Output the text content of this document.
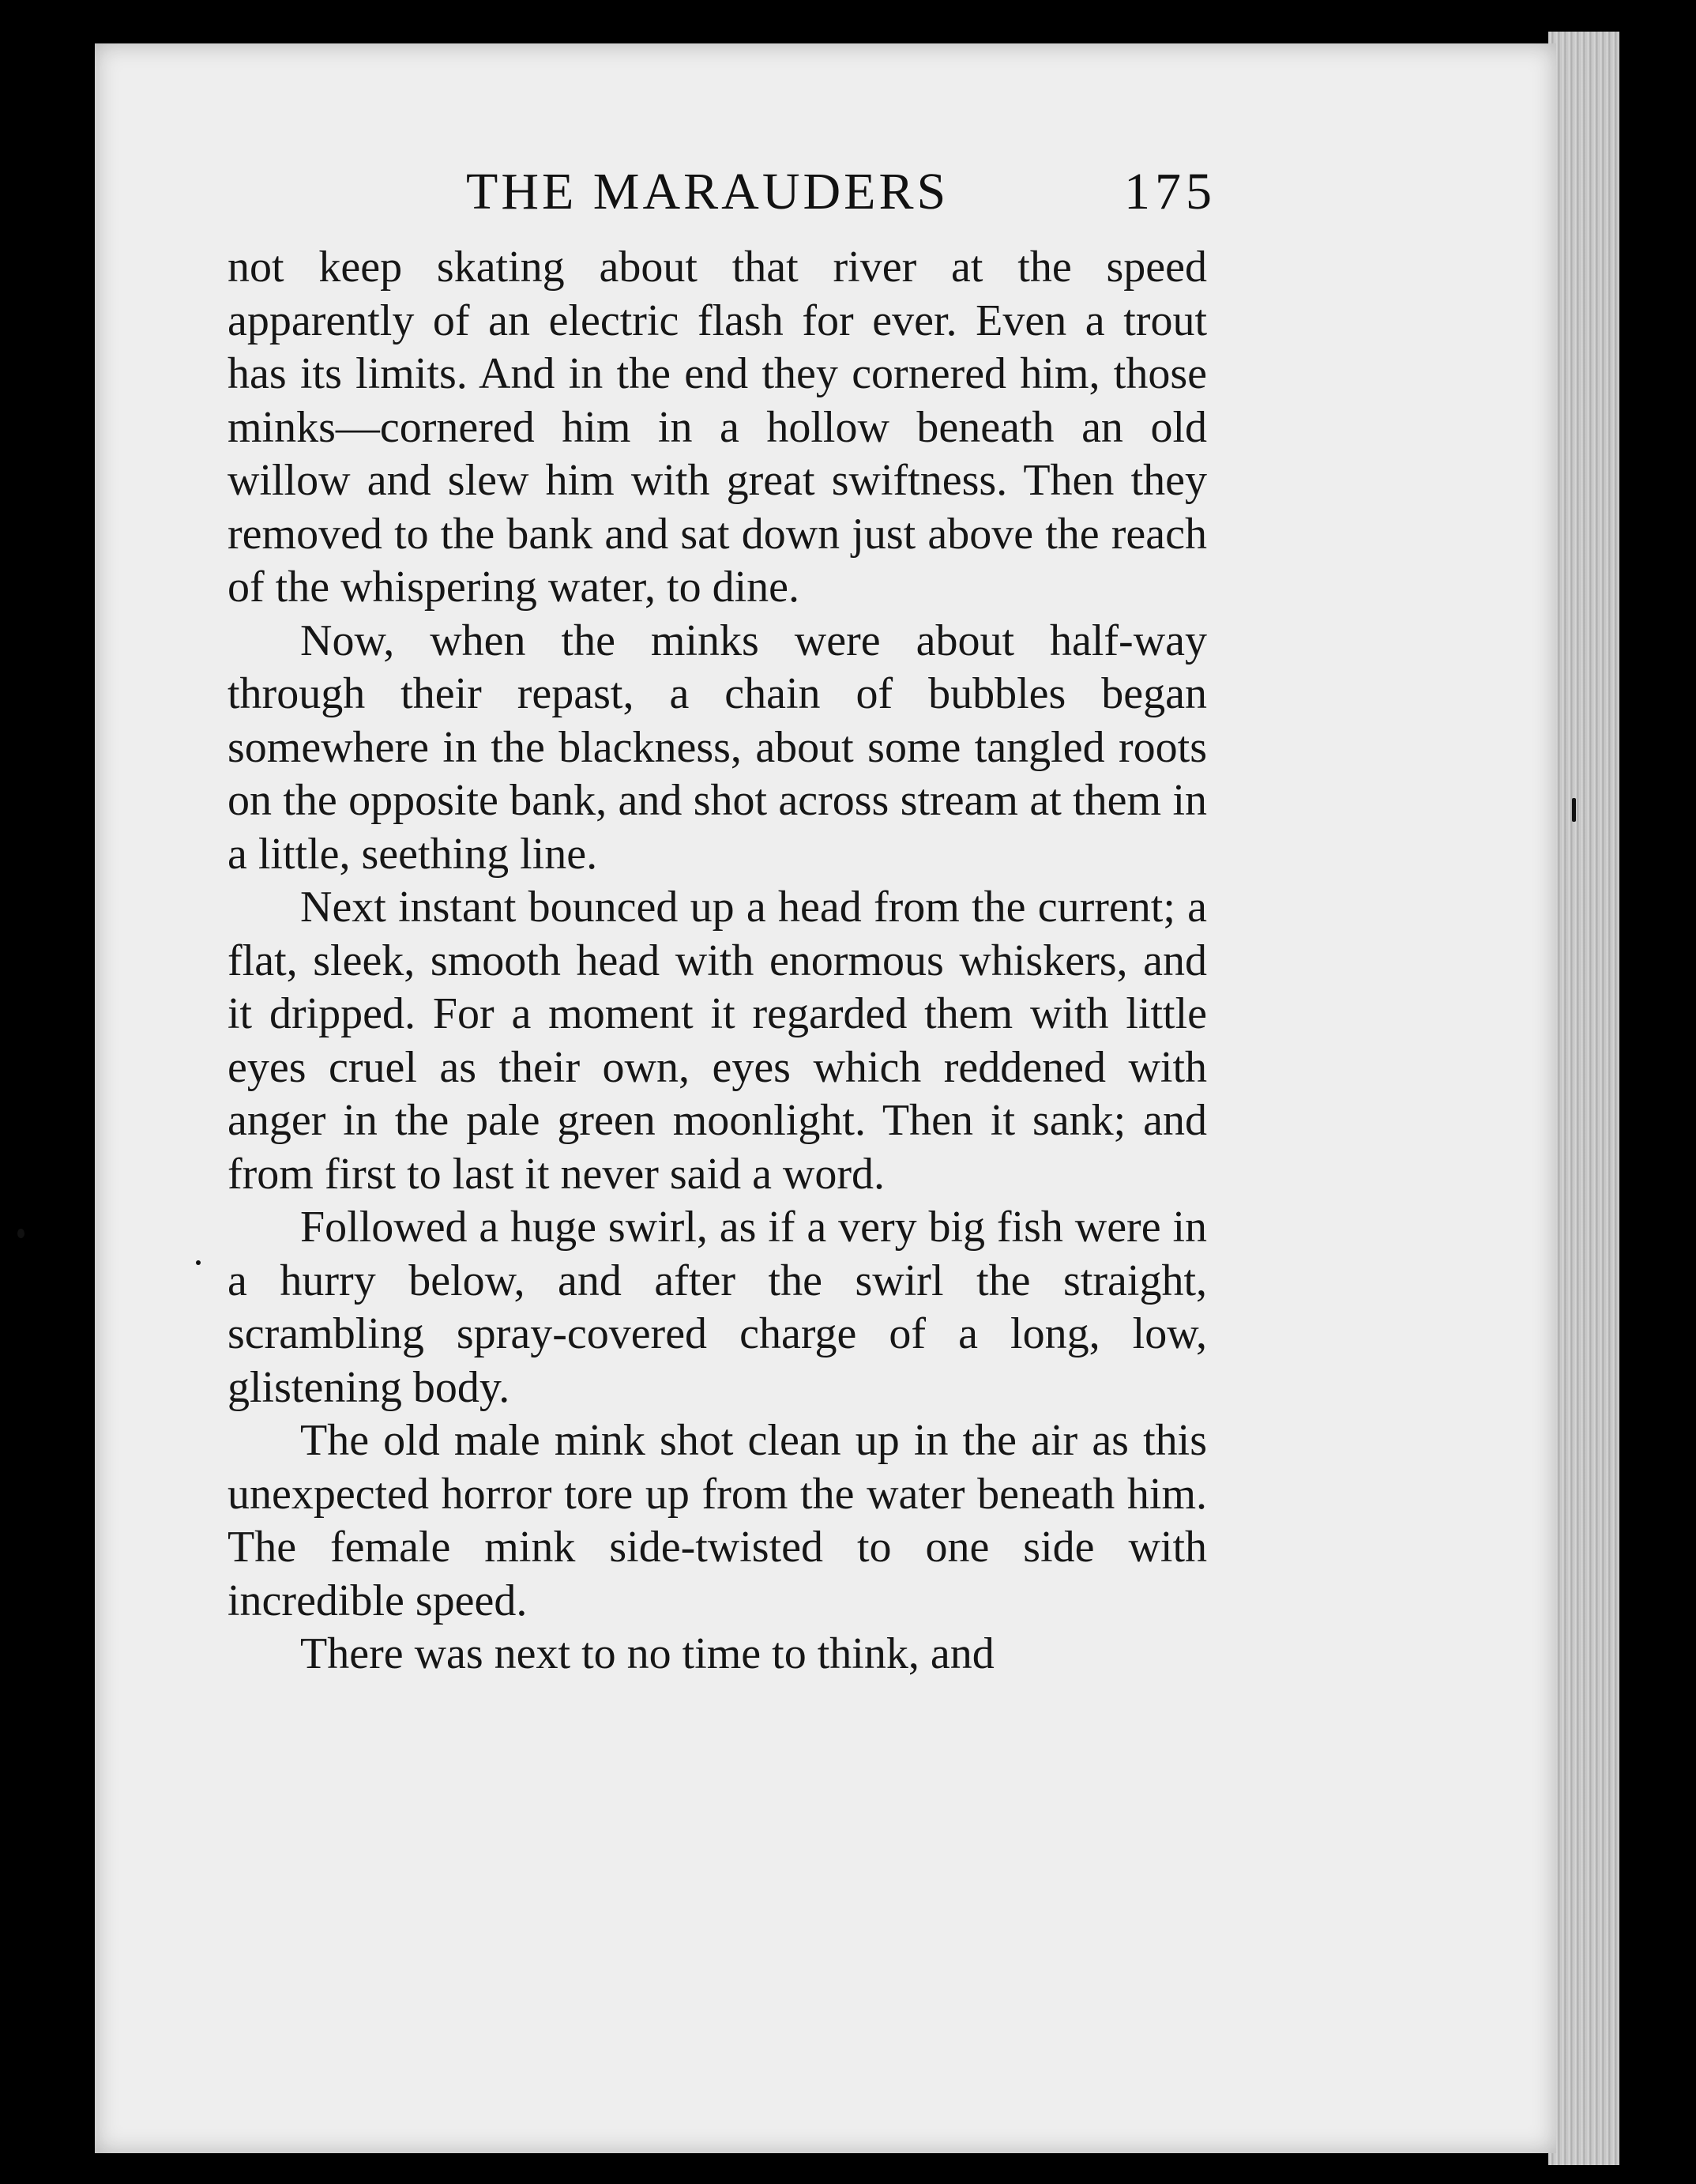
THE MARAUDERS	175

not keep skating about that river at the speed apparently of an electric flash for ever. Even a trout has its limits. And in the end they cornered him, those minks—cornered him in a hollow beneath an old willow and slew him with great swiftness. Then they removed to the bank and sat down just above the reach of the whispering water, to dine.

Now, when the minks were about half-way through their repast, a chain of bubbles began somewhere in the blackness, about some tangled roots on the opposite bank, and shot across stream at them in a little, seething line.

Next instant bounced up a head from the current; a flat, sleek, smooth head with enormous whiskers, and it dripped. For a moment it regarded them with little eyes cruel as their own, eyes which reddened with anger in the pale green moonlight. Then it sank; and from first to last it never said a word.

Followed a huge swirl, as if a very big fish were in a hurry below, and after the swirl the straight, scrambling spray-covered charge of a long, low, glistening body.

The old male mink shot clean up in the air as this unexpected horror tore up from the water beneath him. The female mink side-twisted to one side with incredible speed.

There was next to no time to think, and
